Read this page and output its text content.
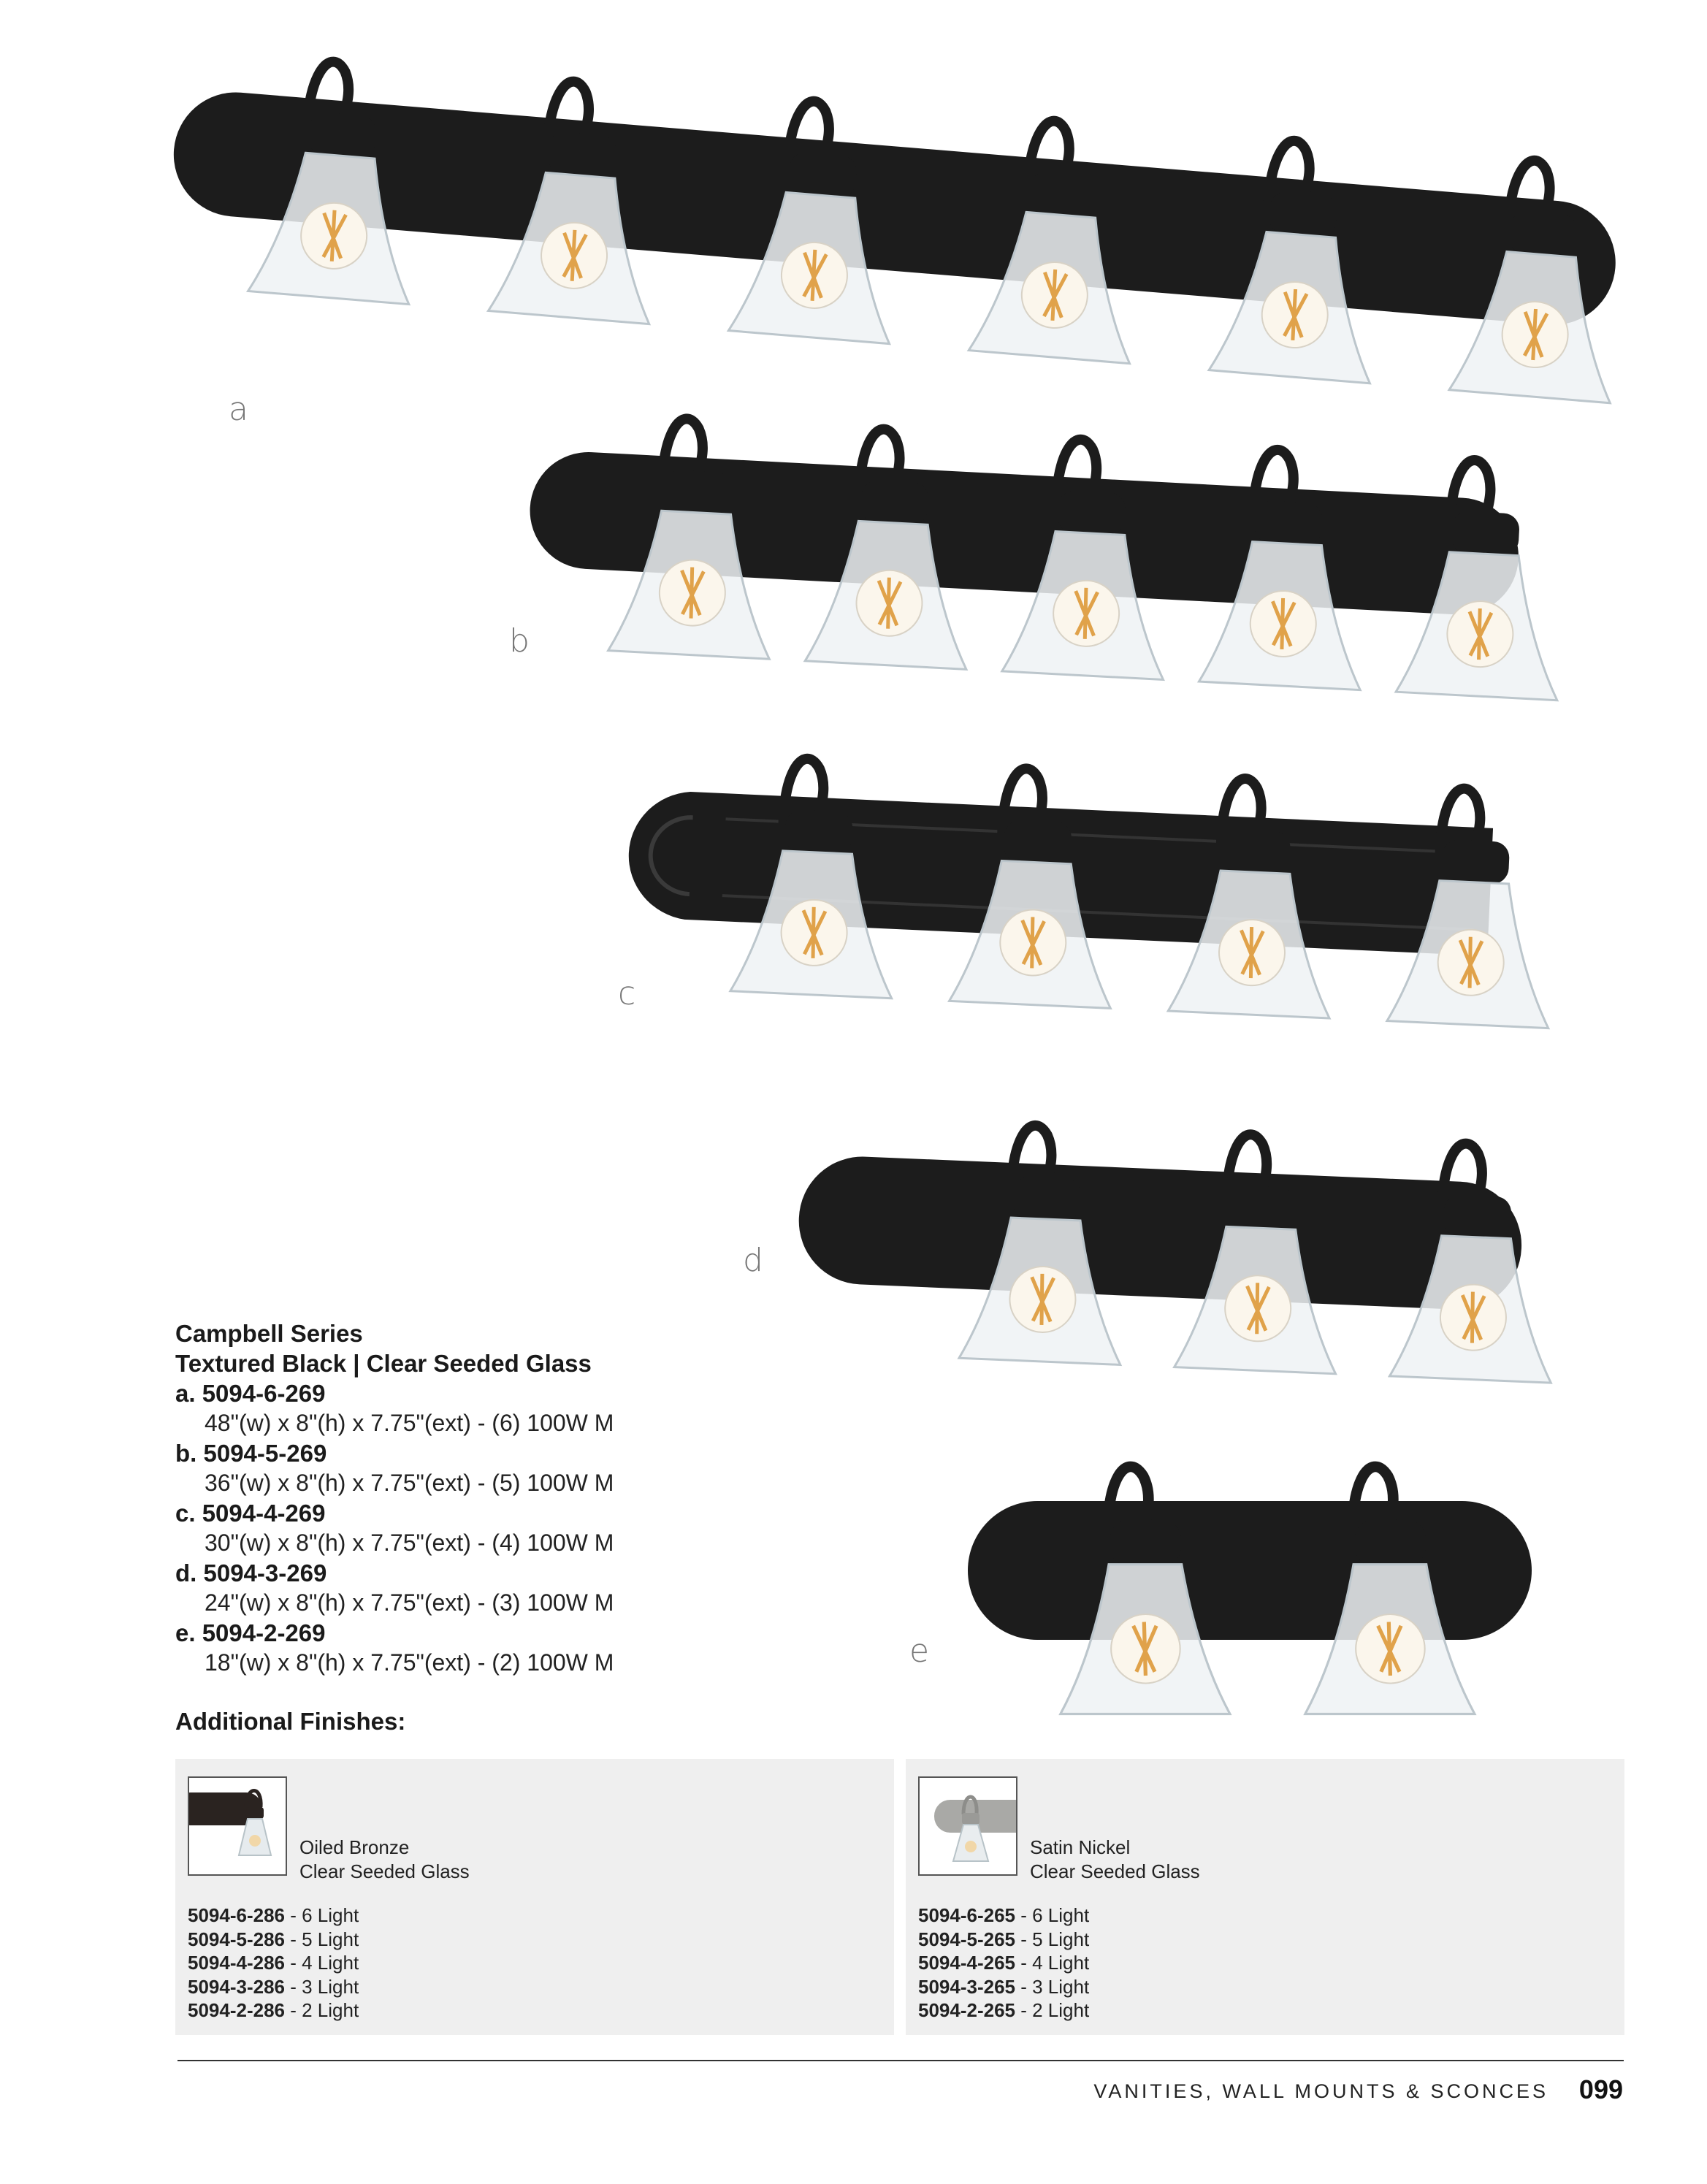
a
b
c
d
e
Campbell Series
Textured Black | Clear Seeded Glass
a. 5094-6-269
48"(w) x 8"(h) x 7.75"(ext) - (6) 100W M
b. 5094-5-269
36"(w) x 8"(h) x 7.75"(ext) - (5) 100W M
c. 5094-4-269
30"(w) x 8"(h) x 7.75"(ext) - (4) 100W M
d. 5094-3-269
24"(w) x 8"(h) x 7.75"(ext) - (3) 100W M
e. 5094-2-269
18"(w) x 8"(h) x 7.75"(ext) - (2) 100W M
Additional Finishes:
Oiled Bronze
Clear Seeded Glass
5094-6-286 - 6 Light
5094-5-286 - 5 Light
5094-4-286 - 4 Light
5094-3-286 - 3 Light
5094-2-286 - 2 Light
Satin Nickel
Clear Seeded Glass
5094-6-265 - 6 Light
5094-5-265 - 5 Light
5094-4-265 - 4 Light
5094-3-265 - 3 Light
5094-2-265 - 2 Light
VANITIES, WALL MOUNTS & SCONCES 099
